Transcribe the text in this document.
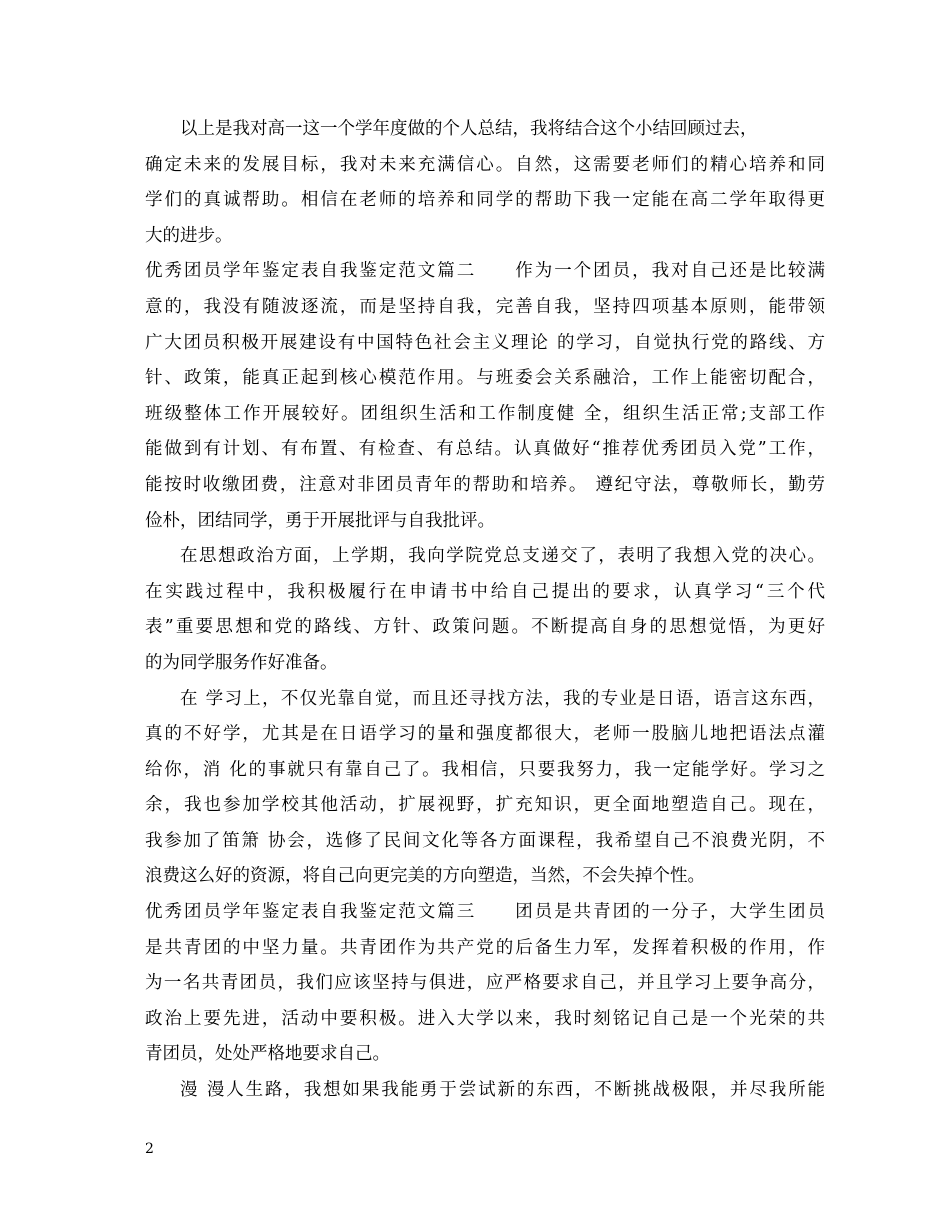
以上是我对高一这一个学年度做的个人总结，我将结合这个小结回顾过去，
确定未来的发展目标，我对未来充满信心。自然，这需要老师们的精心培养和同
学们的真诚帮助。相信在老师的培养和同学的帮助下我一定能在高二学年取得更
大的进步。
优秀团员学年鉴定表自我鉴定范文篇二　　作为一个团员，我对自己还是比较满
意的，我没有随波逐流，而是坚持自我，完善自我，坚持四项基本原则，能带领
广大团员积极开展建设有中国特色社会主义理论 的学习，自觉执行党的路线、方
针、政策，能真正起到核心模范作用。与班委会关系融洽，工作上能密切配合，
班级整体工作开展较好。团组织生活和工作制度健 全，组织生活正常;支部工作
能做到有计划、有布置、有检查、有总结。认真做好“推荐优秀团员入党”工作，
能按时收缴团费，注意对非团员青年的帮助和培养。 遵纪守法，尊敬师长，勤劳
俭朴，团结同学，勇于开展批评与自我批评。
在思想政治方面，上学期，我向学院党总支递交了，表明了我想入党的决心。
在实践过程中，我积极履行在申请书中给自己提出的要求，认真学习“三个代
表”重要思想和党的路线、方针、政策问题。不断提高自身的思想觉悟，为更好
的为同学服务作好准备。
在 学习上，不仅光靠自觉，而且还寻找方法，我的专业是日语，语言这东西，
真的不好学，尤其是在日语学习的量和强度都很大，老师一股脑儿地把语法点灌
给你，消 化的事就只有靠自己了。我相信，只要我努力，我一定能学好。学习之
余，我也参加学校其他活动，扩展视野，扩充知识，更全面地塑造自己。现在，
我参加了笛箫 协会，选修了民间文化等各方面课程，我希望自己不浪费光阴，不
浪费这么好的资源，将自己向更完美的方向塑造，当然，不会失掉个性。
优秀团员学年鉴定表自我鉴定范文篇三　　团员是共青团的一分子，大学生团员
是共青团的中坚力量。共青团作为共产党的后备生力军，发挥着积极的作用，作
为一名共青团员，我们应该坚持与俱进，应严格要求自己，并且学习上要争高分，
政治上要先进，活动中要积极。进入大学以来，我时刻铭记自己是一个光荣的共
青团员，处处严格地要求自己。
漫 漫人生路，我想如果我能勇于尝试新的东西，不断挑战极限，并尽我所能
2
